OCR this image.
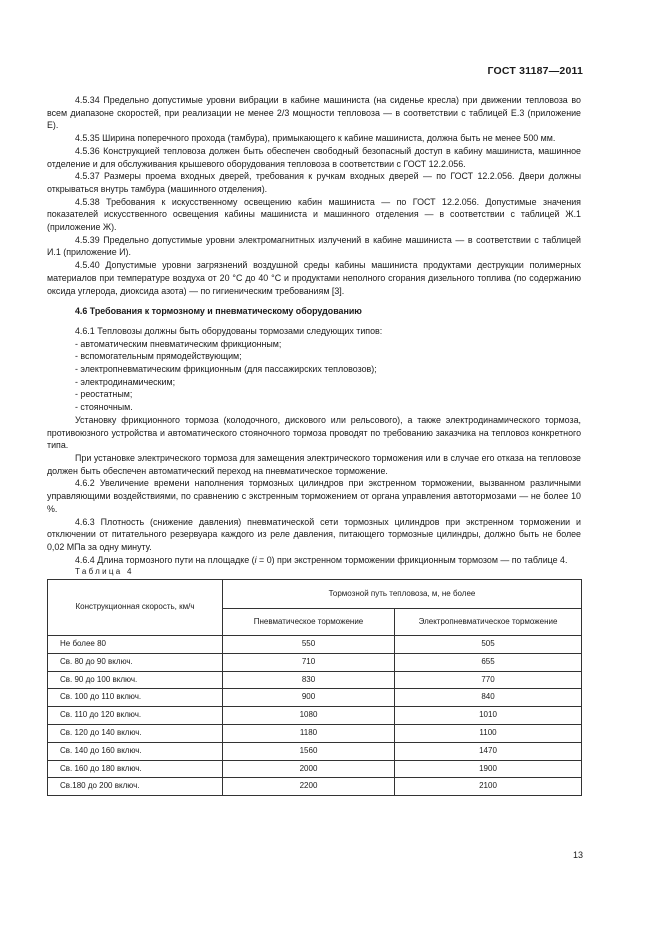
ГОСТ 31187—2011

4.5.34 Предельно допустимые уровни вибрации в кабине машиниста (на сиденье кресла) при движении тепловоза во всем диапазоне скоростей, при реализации не менее 2/3 мощности тепловоза — в соответствии с таблицей Е.3 (приложение Е).

4.5.35 Ширина поперечного прохода (тамбура), примыкающего к кабине машиниста, должна быть не менее 500 мм.

4.5.36 Конструкцией тепловоза должен быть обеспечен свободный безопасный доступ в кабину машиниста, машинное отделение и для обслуживания крышевого оборудования тепловоза в соответствии с ГОСТ 12.2.056.

4.5.37 Размеры проема входных дверей, требования к ручкам входных дверей — по ГОСТ 12.2.056. Двери должны открываться внутрь тамбура (машинного отделения).

4.5.38 Требования к искусственному освещению кабин машиниста — по ГОСТ 12.2.056. Допустимые значения показателей искусственного освещения кабины машиниста и машинного отделения — в соответствии с таблицей Ж.1 (приложение Ж).

4.5.39 Предельно допустимые уровни электромагнитных излучений в кабине машиниста — в соответствии с таблицей И.1 (приложение И).

4.5.40 Допустимые уровни загрязнений воздушной среды кабины машиниста продуктами деструкции полимерных материалов при температуре воздуха от 20 °С до 40 °С и продуктами неполного сгорания дизельного топлива (по содержанию оксида углерода, диоксида азота) — по гигиеническим требованиям [3].

4.6 Требования к тормозному и пневматическому оборудованию

4.6.1 Тепловозы должны быть оборудованы тормозами следующих типов:

- автоматическим пневматическим фрикционным;

- вспомогательным прямодействующим;

- электропневматическим фрикционным (для пассажирских тепловозов);

- электродинамическим;

- реостатным;

- стояночным.

Установку фрикционного тормоза (колодочного, дискового или рельсового), а также электродинамического тормоза, противоюзного устройства и автоматического стояночного тормоза проводят по требованию заказчика на тепловоз конкретного типа.

При установке электрического тормоза для замещения электрического торможения или в случае его отказа на тепловозе должен быть обеспечен автоматический переход на пневматическое торможение.

4.6.2 Увеличение времени наполнения тормозных цилиндров при экстренном торможении, вызванном различными управляющими воздействиями, по сравнению с экстренным торможением от органа управления автотормозами — не более 10 %.

4.6.3 Плотность (снижение давления) пневматической сети тормозных цилиндров при экстренном торможении и отключении от питательного резервуара каждого из реле давления, питающего тормозные цилиндры, должно быть не более 0,02 МПа за одну минуту.

4.6.4 Длина тормозного пути на площадке (i = 0) при экстренном торможении фрикционным тормозом — по таблице 4.

Таблица 4

Конструкционная скорость, км/ч	Тормозной путь тепловоза, м, не более	
	Пневматическое торможение	Электропневматическое торможение
Не более 80	550	505
Св. 80 до 90 включ.	710	655
Св. 90 до 100 включ.	830	770
Св. 100 до 110 включ.	900	840
Св. 110 до 120 включ.	1080	1010
Св. 120 до 140 включ.	1180	1100
Св. 140 до 160 включ.	1560	1470
Св. 160 до 180 включ.	2000	1900
Св.180 до 200 включ.	2200	2100
13
